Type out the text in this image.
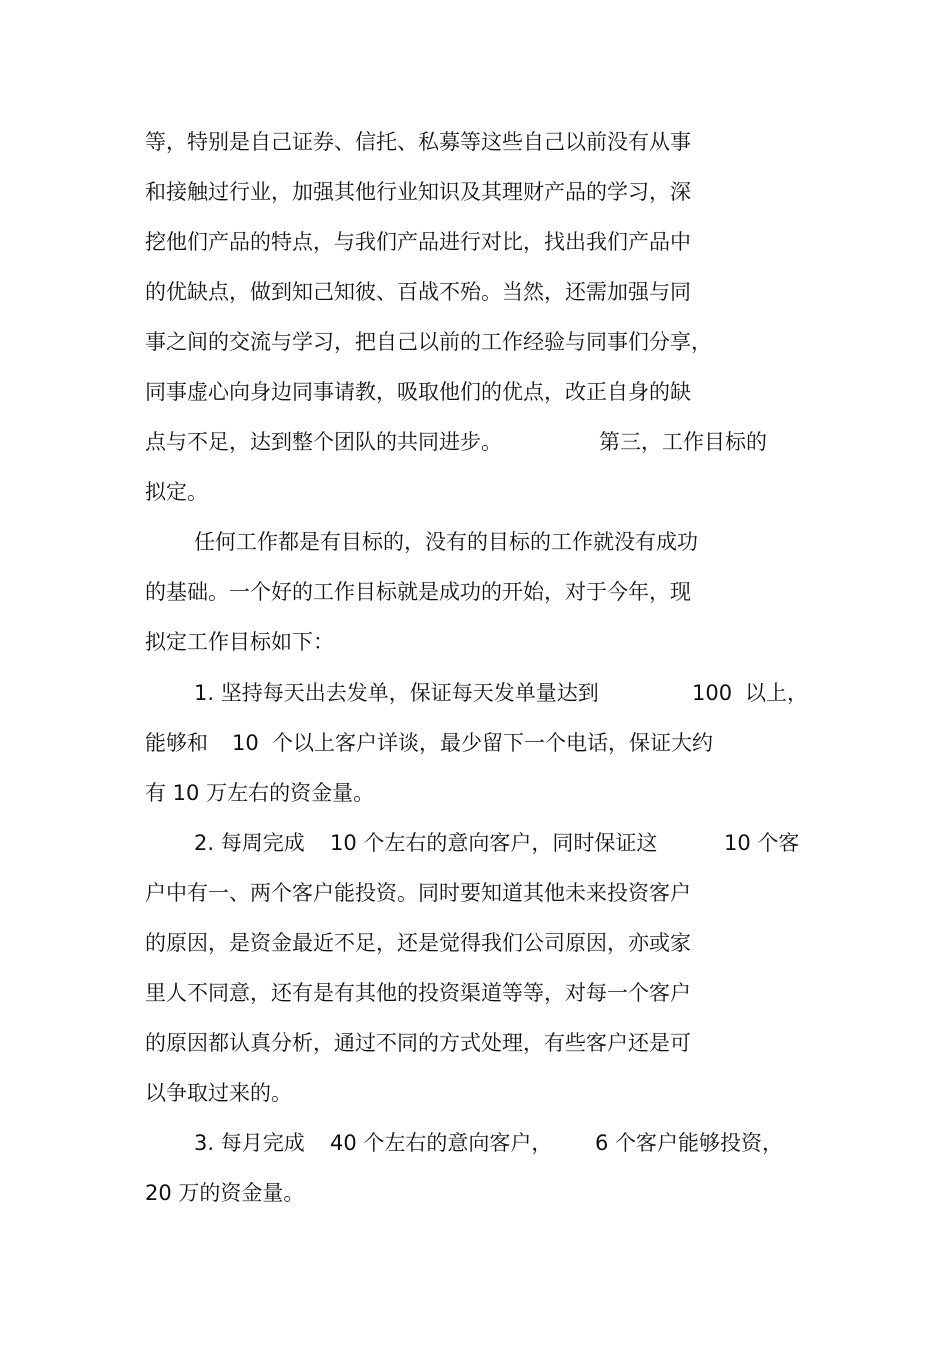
等，特别是自己证券、信托、私募等这些自己以前没有从事
和接触过行业，加强其他行业知识及其理财产品的学习，深
挖他们产品的特点，与我们产品进行对比，找出我们产品中
的优缺点，做到知己知彼、百战不殆。当然，还需加强与同
事之间的交流与学习，把自己以前的工作经验与同事们分享，
同事虚心向身边同事请教，吸取他们的优点，改正自身的缺
点与不足，达到整个团队的共同进步。	第三，工作目标的
拟定。
任何工作都是有目标的，没有的目标的工作就没有成功
的基础。一个好的工作目标就是成功的开始，对于今年，现
拟定工作目标如下：
1. 坚持每天出去发单，保证每天发单量达到	100 以上，
能够和 10 个以上客户详谈，最少留下一个电话，保证大约
有 10 万左右的资金量。
2. 每周完成 10 个左右的意向客户，同时保证这	10 个客
户中有一、两个客户能投资。同时要知道其他未来投资客户
的原因，是资金最近不足，还是觉得我们公司原因，亦或家
里人不同意，还有是有其他的投资渠道等等，对每一个客户
的原因都认真分析，通过不同的方式处理，有些客户还是可
以争取过来的。
3. 每月完成 40 个左右的意向客户， 6 个客户能够投资，
20 万的资金量。
